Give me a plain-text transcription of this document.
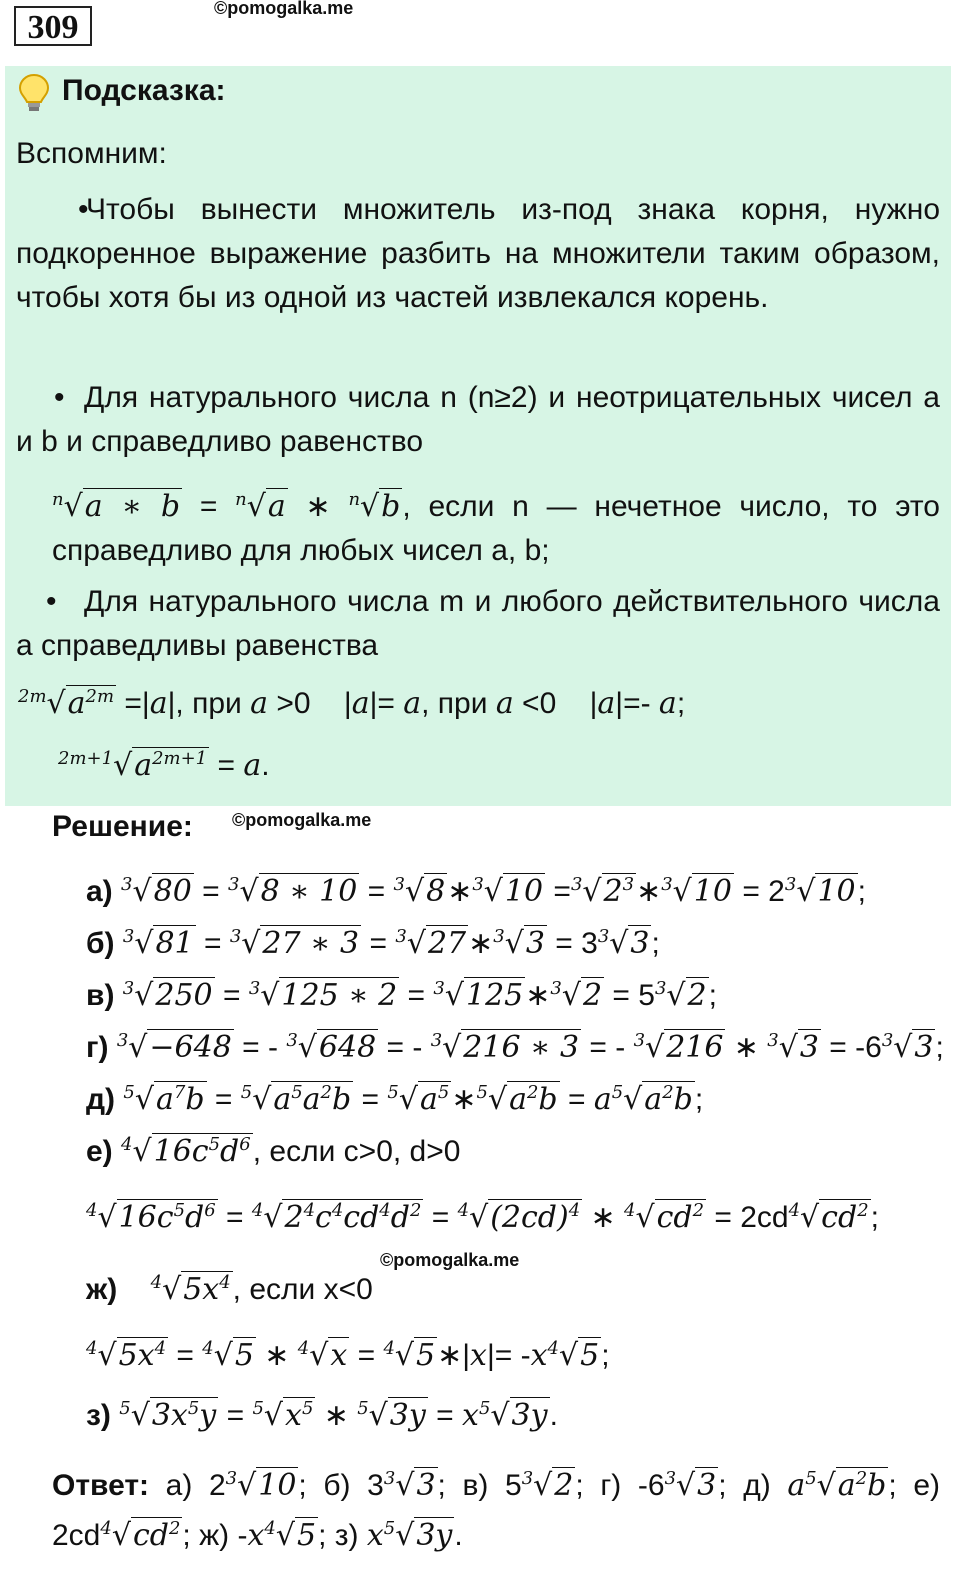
309
©pomogalka.me
Подсказка:
Вспомним:
•
Чтобы вынести множитель из-под знака корня, нужно подкоренное выражение разбить на множители таким образом, чтобы хотя бы из одной из частей извлекался корень.
• Для натурального числа n (n≥2) и неотрицательных чисел a и b и справедливо равенство
$^n$√a ∗ b = $^n$√a ∗ $^n$√b, если n — нечетное число, то это справедливо для любых чисел a, b;
• Для натурального числа m и любого действительного числа a справедливы равенства
$^{2m}√a^{2m} =|a|$, при a >0    |a|= a, при a <0    |a|=- a;
$^{2m+1}√a^{2m+1} = a$.
Решение: ©pomogalka.me
а) $^3$√80 = $^3$√8 ∗ 10 = $^3$√8∗$^3$√10 $=^3√2^3∗^3√10 = 2^3√10$;
б) $^3$√81 = $^3$√27 ∗ 3 = $^3$√27∗$^3$√3 = $3^3√3$;
в) $^3$√250 = $^3$√125 ∗ 2 = $^3$√125∗$^3$√2 = $5^3√2$;
г) $^3$√−648 = - $^3$√648 = - $^3$√216 ∗ 3 = - $^3$√216 ∗ $^3√3 = -6^3√3$;
д) $^5√a^7b = ^5√a^5a^2b$ = $^5√a^5∗^5√a^2b = a^5√a^2b$;
е) $^4√16c^5d^6$, если c>0, d>0
$^4√16c^5d^6 = ^4√2^4c^4cd^4d^2 = ^4√(2cd)^4$ ∗ $^4√cd^2 = 2cd^4√cd^2$;
©pomogalka.me
ж) $^4√5x^4$, если x<0
$^4√5x^4 = ^4√5$ ∗ $^4$√x = $^4$√5∗|x|= $-x^4√5$;
з) $^5√3x^5y = ^5√x^5$ ∗ $^5√3y = x^5√3y$.
Ответ: а) $2^3√10$; б) $3^3√3$; в) $5^3√2$; г) $-6^3√3$; д) $a^5√a^2b$; е)
$2cd^4√cd^2$; ж) $-x^4√5$; з) $x^5√3y$.
